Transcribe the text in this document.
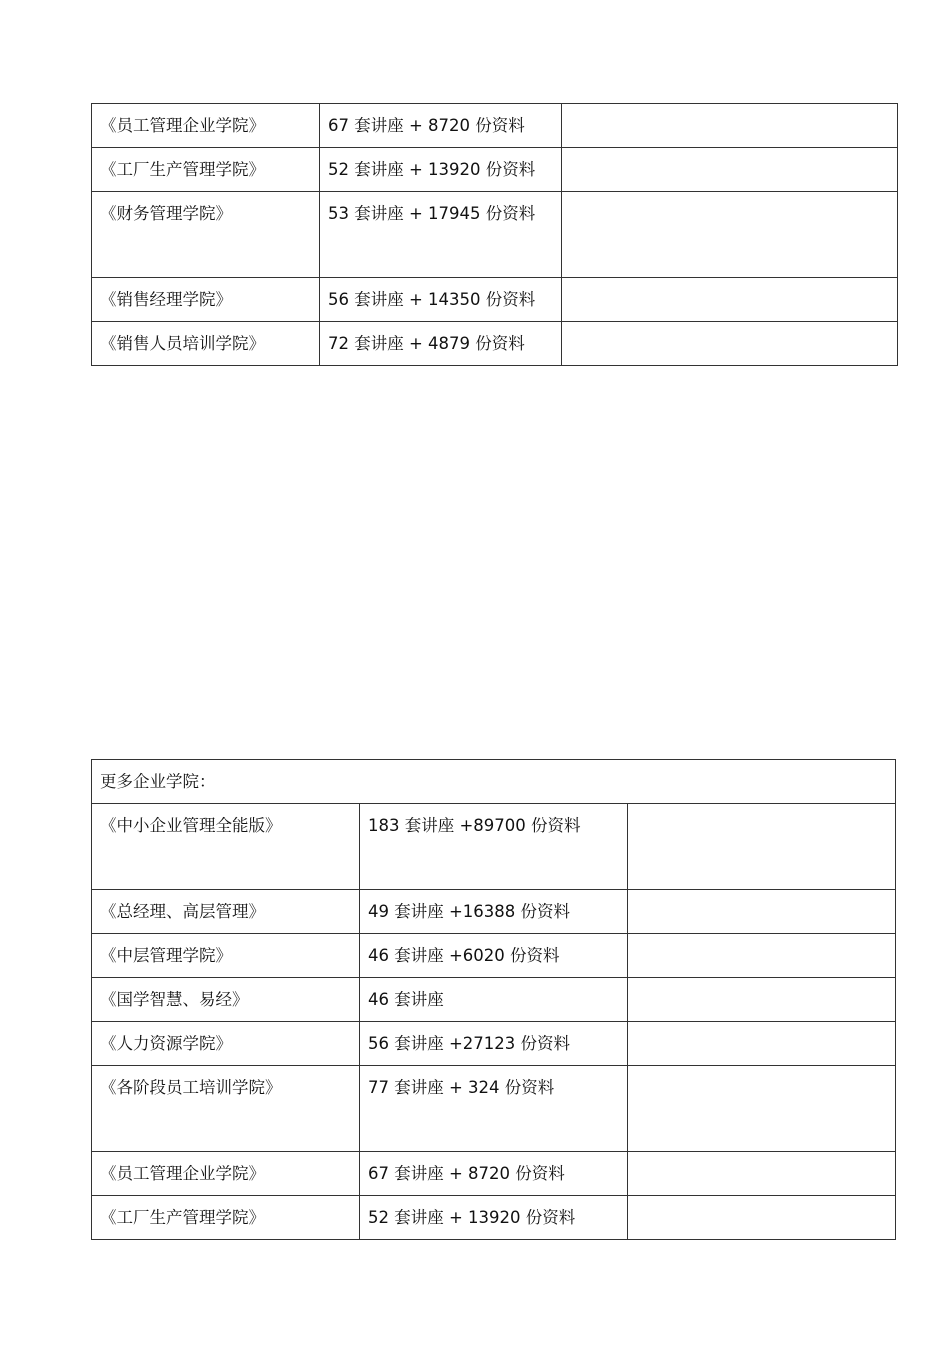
《员工管理企业学院》	67 套讲座 + 8720 份资料	
《工厂生产管理学院》	52 套讲座 + 13920 份资料	
《财务管理学院》	53 套讲座 + 17945 份资料	
《销售经理学院》	56 套讲座 + 14350 份资料	
《销售人员培训学院》	72 套讲座 + 4879 份资料	
更多企业学院：		
《中小企业管理全能版》	183 套讲座 +89700 份资料	
《总经理、高层管理》	49 套讲座 +16388 份资料	
《中层管理学院》	46 套讲座 +6020 份资料	
《国学智慧、易经》	46 套讲座	
《人力资源学院》	56 套讲座 +27123 份资料	
《各阶段员工培训学院》	77 套讲座 + 324 份资料	
《员工管理企业学院》	67 套讲座 + 8720 份资料	
《工厂生产管理学院》	52 套讲座 + 13920 份资料	
